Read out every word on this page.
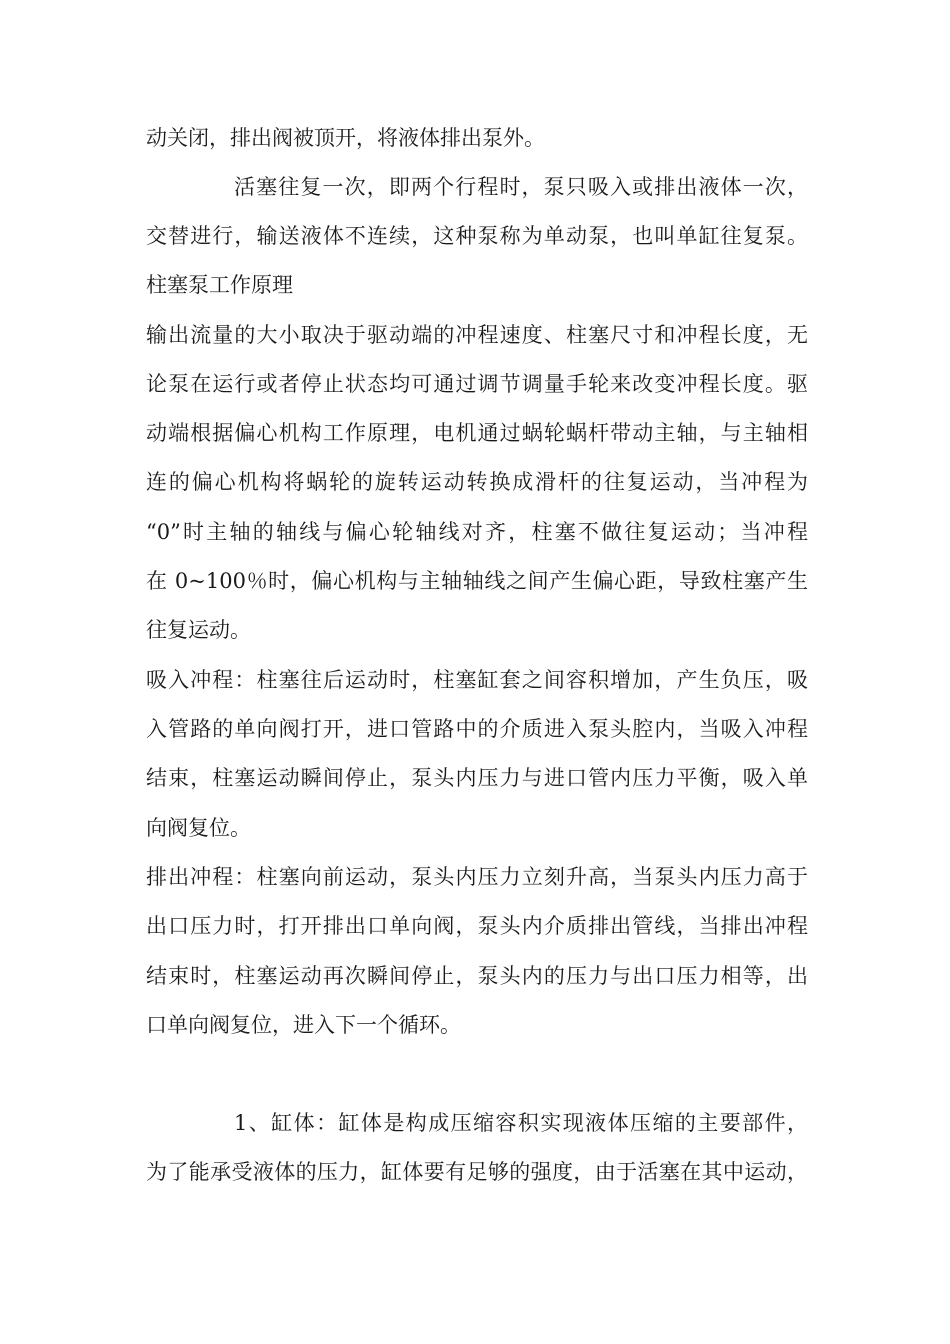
动关闭，排出阀被顶开，将液体排出泵外。
活塞往复一次，即两个行程时，泵只吸入或排出液体一次，
交替进行，输送液体不连续，这种泵称为单动泵，也叫单缸往复泵。
柱塞泵工作原理
输出流量的大小取决于驱动端的冲程速度、柱塞尺寸和冲程长度，无
论泵在运行或者停止状态均可通过调节调量手轮来改变冲程长度。驱
动端根据偏心机构工作原理，电机通过蜗轮蜗杆带动主轴，与主轴相
连的偏心机构将蜗轮的旋转运动转换成滑杆的往复运动，当冲程为
“0”时主轴的轴线与偏心轮轴线对齐，柱塞不做往复运动；当冲程
在 0~100％时，偏心机构与主轴轴线之间产生偏心距，导致柱塞产生
往复运动。
吸入冲程：柱塞往后运动时，柱塞缸套之间容积增加，产生负压，吸
入管路的单向阀打开，进口管路中的介质进入泵头腔内，当吸入冲程
结束，柱塞运动瞬间停止，泵头内压力与进口管内压力平衡，吸入单
向阀复位。
排出冲程：柱塞向前运动，泵头内压力立刻升高，当泵头内压力高于
出口压力时，打开排出口单向阀，泵头内介质排出管线，当排出冲程
结束时，柱塞运动再次瞬间停止，泵头内的压力与出口压力相等，出
口单向阀复位，进入下一个循环。
1、缸体：缸体是构成压缩容积实现液体压缩的主要部件，
为了能承受液体的压力，缸体要有足够的强度，由于活塞在其中运动，
